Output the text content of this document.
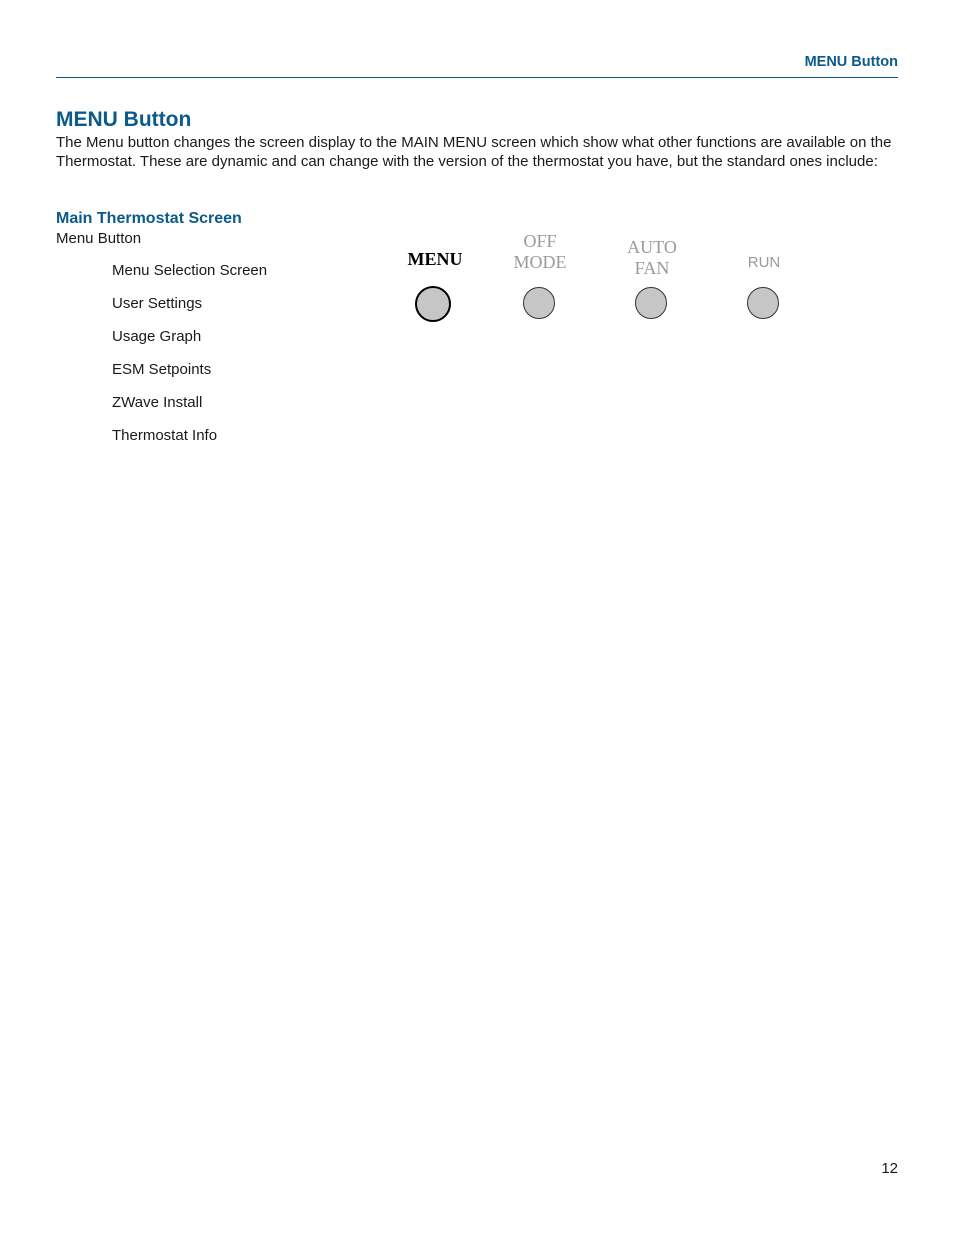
MENU Button
MENU Button

The Menu button changes the screen display to the MAIN MENU screen which show what other functions are available on the Thermostat. These are dynamic and can change with the version of the thermostat you have, but the standard ones include:

Main Thermostat Screen
Menu Button
Menu Selection Screen
User Settings
Usage Graph
ESM Setpoints
ZWave Install
Thermostat Info
MENU
OFF
MODE
AUTO
FAN	RUN
12
